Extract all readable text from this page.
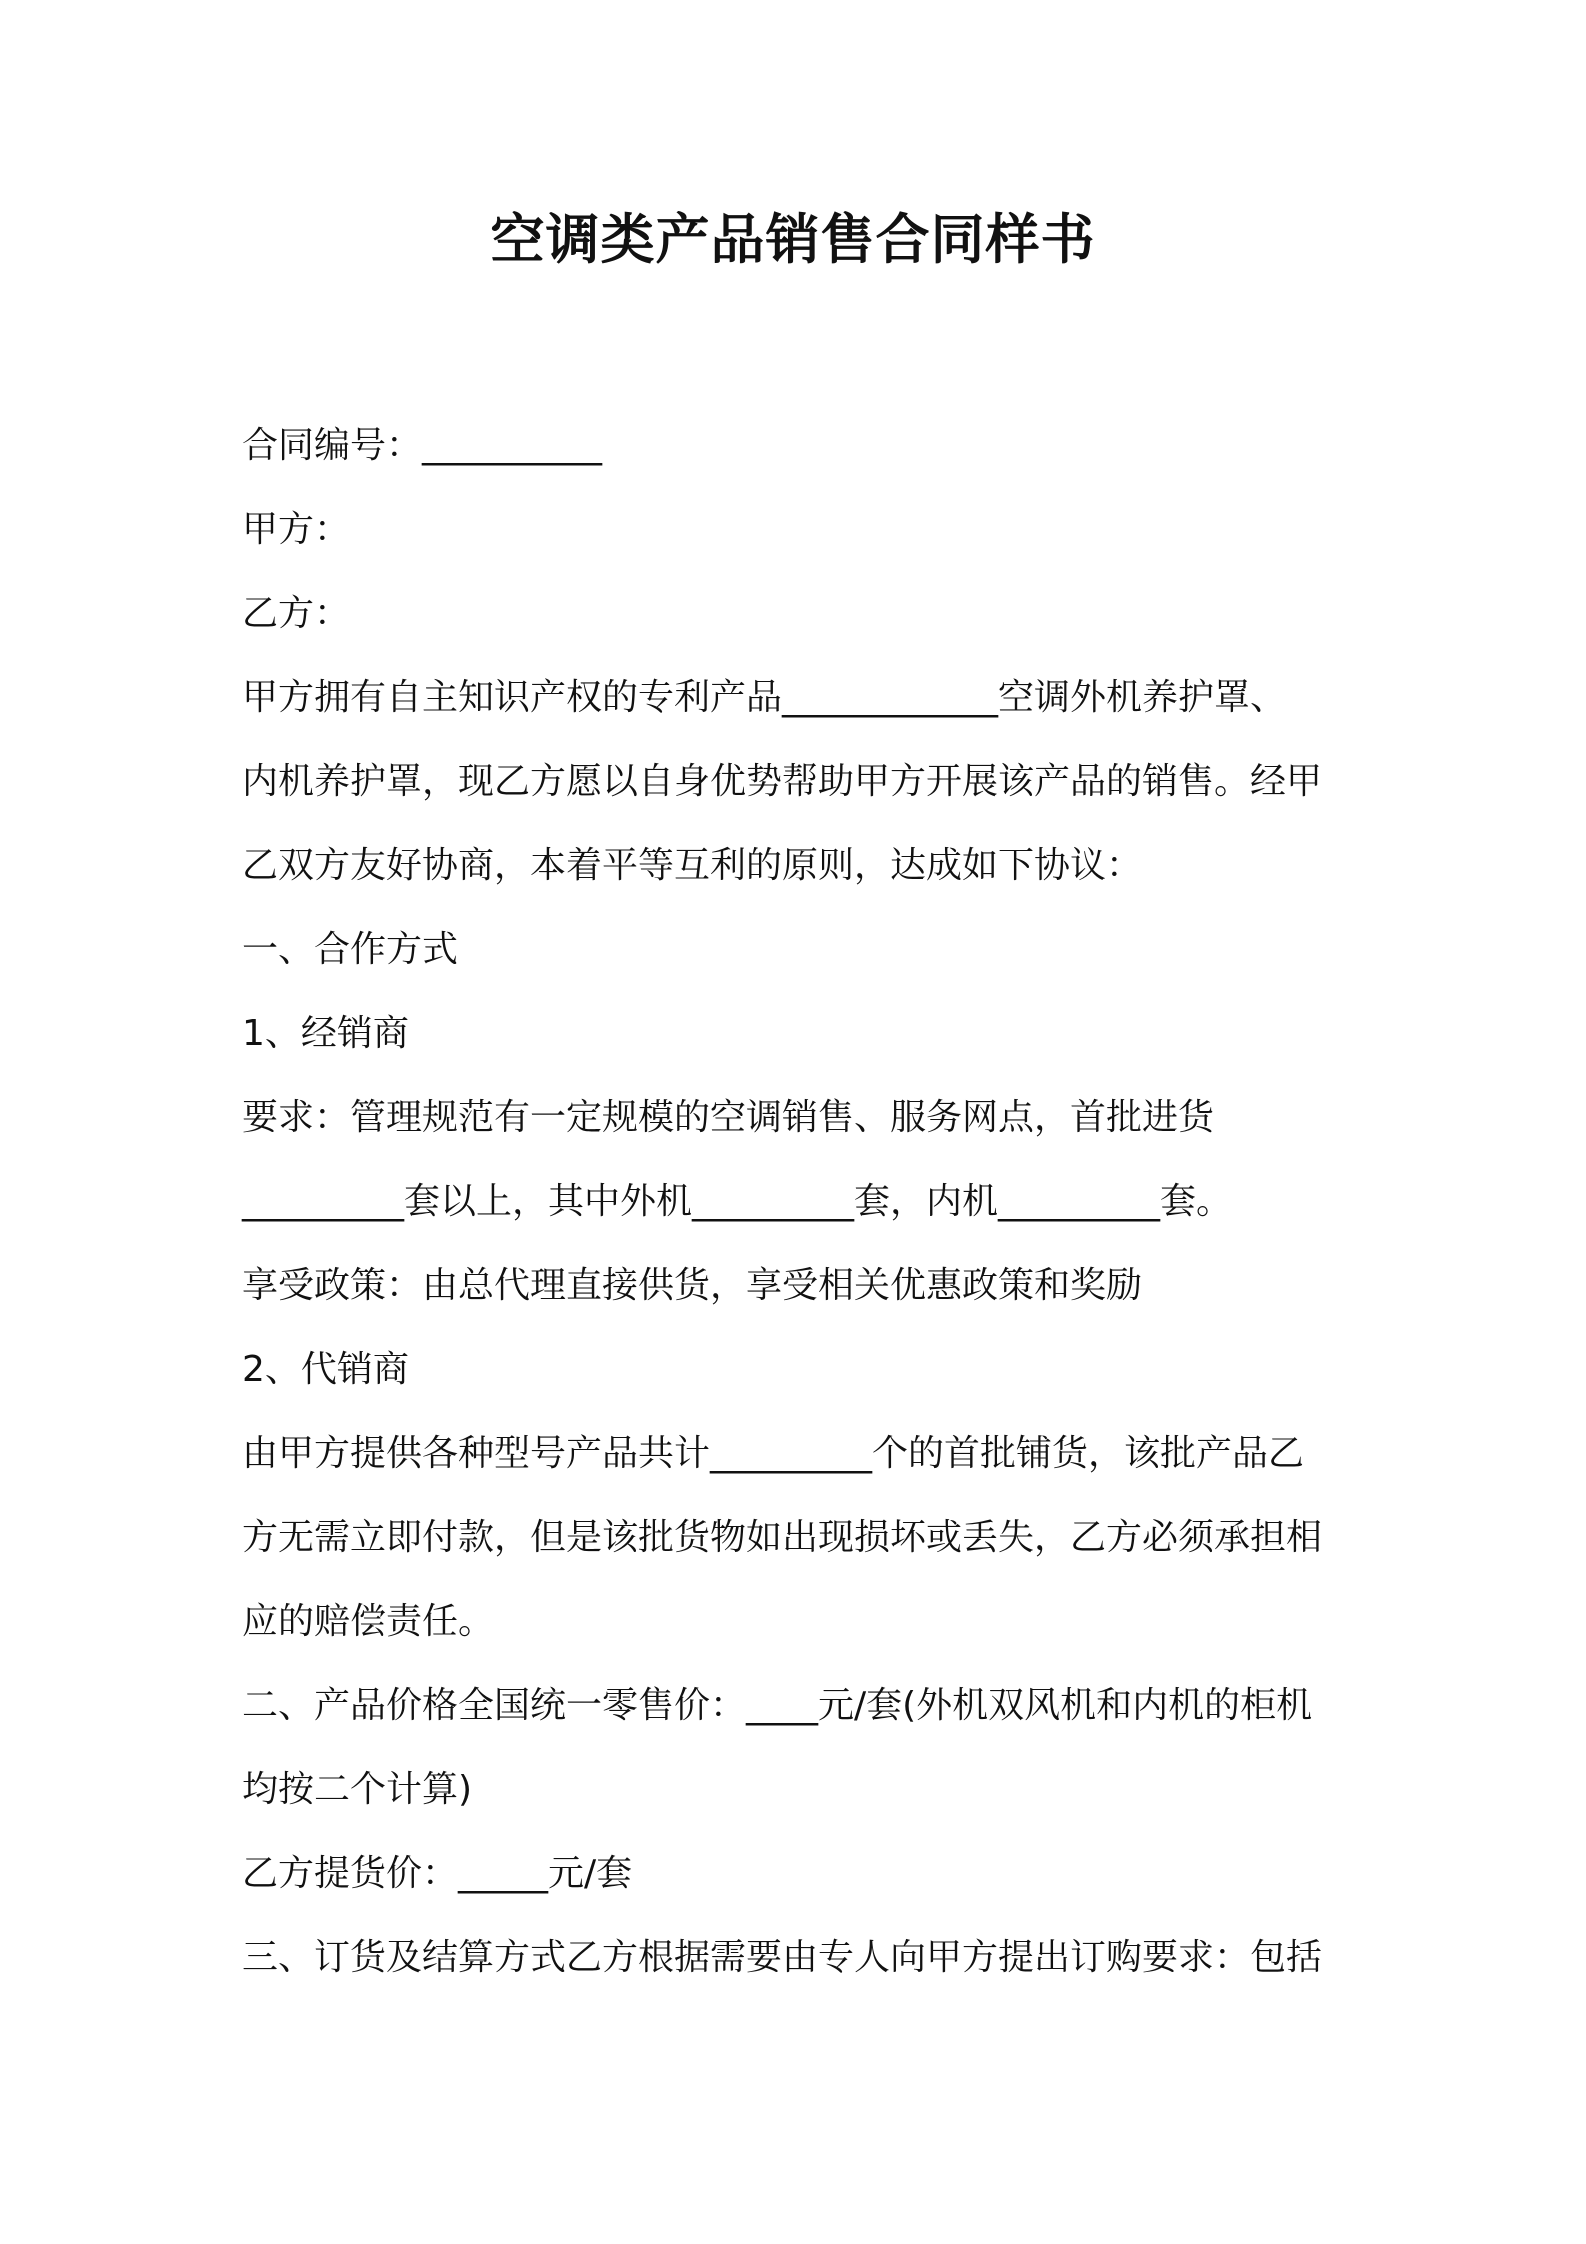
空调类产品销售合同样书

合同编号：__________

甲方：

乙方：

甲方拥有自主知识产权的专利产品____________空调外机养护罩、

内机养护罩，现乙方愿以自身优势帮助甲方开展该产品的销售。经甲

乙双方友好协商，本着平等互利的原则，达成如下协议：

一、合作方式

1、经销商

要求：管理规范有一定规模的空调销售、服务网点，首批进货

_________套以上，其中外机_________套，内机_________套。

享受政策：由总代理直接供货，享受相关优惠政策和奖励

2、代销商

由甲方提供各种型号产品共计_________个的首批铺货，该批产品乙

方无需立即付款，但是该批货物如出现损坏或丢失，乙方必须承担相

应的赔偿责任。

二、产品价格全国统一零售价：____元/套(外机双风机和内机的柜机

均按二个计算)

乙方提货价：_____元/套

三、订货及结算方式乙方根据需要由专人向甲方提出订购要求：包括
